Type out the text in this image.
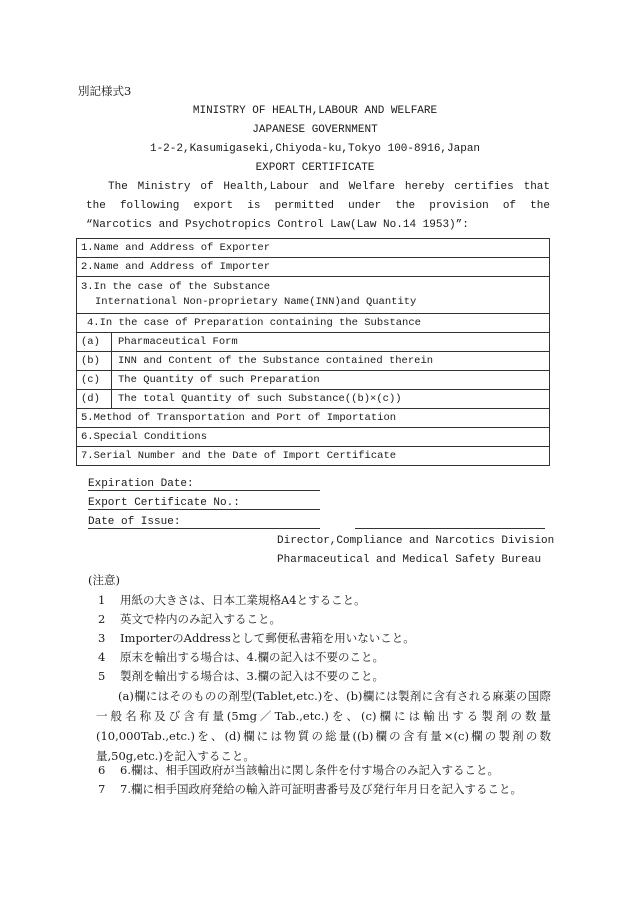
別記様式3
MINISTRY OF HEALTH,LABOUR AND WELFARE
JAPANESE GOVERNMENT
1-2-2,Kasumigaseki,Chiyoda-ku,Tokyo 100-8916,Japan
EXPORT CERTIFICATE
The Ministry of Health,Labour and Welfare hereby certifies that the following export is permitted under the provision of the “Narcotics and Psychotropics Control Law(Law No.14 1953)”:
1.Name and Address of Exporter	
2.Name and Address of Importer	

3.In the case of the Substance
International Non-proprietary Name(INN)and Quantity	

4.In the case of Preparation containing the Substance	
(a)	Pharmaceutical Form
(b)	INN and Content of the Substance contained therein
(c)	The Quantity of such Preparation
(d)	The total Quantity of such Substance((b)×(c))
5.Method of Transportation and Port of Importation	
6.Special Conditions	
7.Serial Number and the Date of Import Certificate	
Expiration Date:
Export Certificate No.:
Date of Issue:
Director,Compliance and Narcotics Division
Pharmaceutical and Medical Safety Bureau
(注意)
1 用紙の大きさは、日本工業規格A4とすること。
2 英文で枠内のみ記入すること。
3 ImporterのAddressとして郵便私書箱を用いないこと。
4 原末を輸出する場合は、4.欄の記入は不要のこと。
5 製剤を輸出する場合は、3.欄の記入は不要のこと。
(a)欄にはそのものの剤型(Tablet,etc.)を、(b)欄には製剤に含有される麻薬の国際一般名称及び含有量(5mg／Tab.,etc.)を、(c)欄には輸出する製剤の数量(10,000Tab.,etc.)を、(d)欄には物質の総量((b)欄の含有量×(c)欄の製剤の数量,50g,etc.)を記入すること。
6 6.欄は、相手国政府が当該輸出に関し条件を付す場合のみ記入すること。
7 7.欄に相手国政府発給の輸入許可証明書番号及び発行年月日を記入すること。
